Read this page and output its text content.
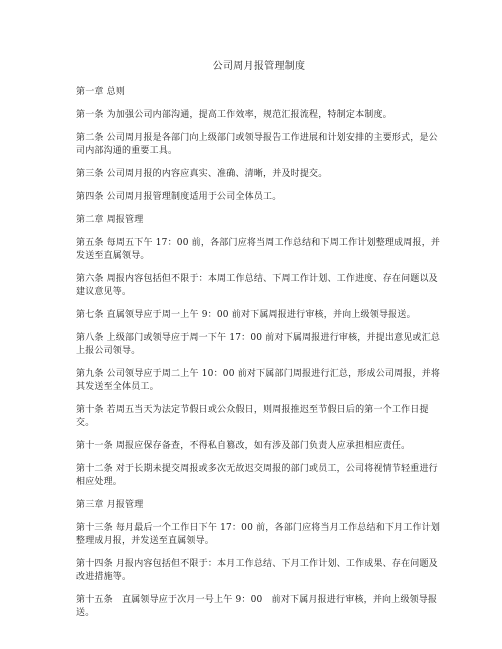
公司周月报管理制度
第一章 总则
第一条 为加强公司内部沟通，提高工作效率，规范汇报流程，特制定本制度。
第二条 公司周月报是各部门向上级部门或领导报告工作进展和计划安排的主要形式，是公司内部沟通的重要工具。
第三条 公司周月报的内容应真实、准确、清晰，并及时提交。
第四条 公司周月报管理制度适用于公司全体员工。
第二章 周报管理
第五条 每周五下午 17：00 前，各部门应将当周工作总结和下周工作计划整理成周报，并发送至直属领导。
第六条 周报内容包括但不限于：本周工作总结、下周工作计划、工作进度、存在问题以及建议意见等。
第七条 直属领导应于周一上午 9：00 前对下属周报进行审核，并向上级领导报送。
第八条 上级部门或领导应于周一下午 17：00 前对下属周报进行审核，并提出意见或汇总上报公司领导。
第九条 公司领导应于周二上午 10：00 前对下属部门周报进行汇总，形成公司周报，并将其发送至全体员工。
第十条 若周五当天为法定节假日或公众假日，则周报推迟至节假日后的第一个工作日提交。
第十一条 周报应保存备查，不得私自篡改，如有涉及部门负责人应承担相应责任。
第十二条 对于长期未提交周报或多次无故迟交周报的部门或员工，公司将视情节轻重进行相应处理。
第三章 月报管理
第十三条 每月最后一个工作日下午 17：00 前，各部门应将当月工作总结和下月工作计划整理成月报，并发送至直属领导。
第十四条 月报内容包括但不限于：本月工作总结、下月工作计划、工作成果、存在问题及改进措施等。
第十五条　直属领导应于次月一号上午 9：00　前对下属月报进行审核，并向上级领导报送。
